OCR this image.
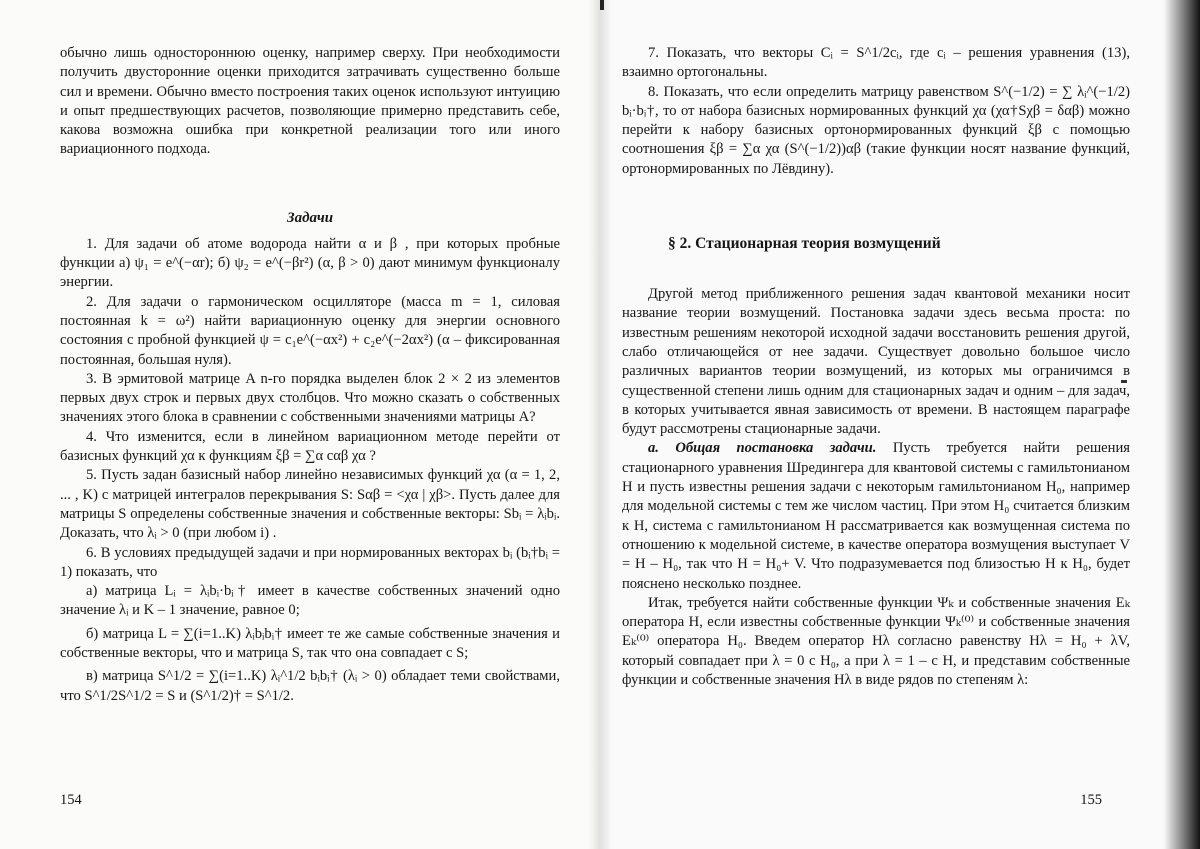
обычно лишь одностороннюю оценку, например сверху. При необходимости получить двусторонние оценки приходится затрачивать существенно больше сил и времени. Обычно вместо построения таких оценок используют интуицию и опыт предшествующих расчетов, позволяющие примерно представить себе, какова возможна ошибка при конкретной реализации того или иного вариационного подхода.

Задачи

1. Для задачи об атоме водорода найти α и β , при которых пробные функции а) ψ₁ = e^(−αr); б) ψ₂ = e^(−βr²) (α, β > 0) дают минимум функционалу энергии.

2. Для задачи о гармоническом осцилляторе (масса m = 1, силовая постоянная k = ω²) найти вариационную оценку для энергии основного состояния с пробной функцией ψ = c₁e^(−αx²) + c₂e^(−2αx²) (α – фиксированная постоянная, большая нуля).

3. В эрмитовой матрице A n-го порядка выделен блок 2 × 2 из элементов первых двух строк и первых двух столбцов. Что можно сказать о собственных значениях этого блока в сравнении с собственными значениями матрицы A?

4. Что изменится, если в линейном вариационном методе перейти от базисных функций χα к функциям ξβ = ∑α cαβ χα ?

5. Пусть задан базисный набор линейно независимых функций χα (α = 1, 2, ... , K) с матрицей интегралов перекрывания S: Sαβ = <χα | χβ>. Пусть далее для матрицы S определены собственные значения и собственные векторы: Sbᵢ = λᵢbᵢ. Доказать, что λᵢ > 0 (при любом i) .

6. В условиях предыдущей задачи и при нормированных векторах bᵢ (bᵢ†bᵢ = 1) показать, что

а) матрица Lᵢ = λᵢbᵢ·bᵢ† имеет в качестве собственных значений одно значение λᵢ и K – 1 значение, равное 0;

б) матрица L = ∑(i=1..K) λᵢbᵢbᵢ† имеет те же самые собственные значения и собственные векторы, что и матрица S, так что она совпадает с S;

в) матрица S^1/2 = ∑(i=1..K) λᵢ^1/2 bᵢbᵢ† (λᵢ > 0) обладает теми свойствами, что S^1/2S^1/2 = S и (S^1/2)† = S^1/2.

154

7. Показать, что векторы Cᵢ = S^1/2cᵢ, где cᵢ – решения уравнения (13), взаимно ортогональны.

8. Показать, что если определить матрицу равенством S^(−1/2) = ∑ λᵢ^(−1/2) bᵢ·bᵢ†, то от набора базисных нормированных функций χα (χα†Sχβ = δαβ) можно перейти к набору базисных ортонормированных функций ξβ с помощью соотношения ξβ = ∑α χα (S^(−1/2))αβ (такие функции носят название функций, ортонормированных по Лёвдину).

§ 2. Стационарная теория возмущений

Другой метод приближенного решения задач квантовой механики носит название теории возмущений. Постановка задачи здесь весьма проста: по известным решениям некоторой исходной задачи восстановить решения другой, слабо отличающейся от нее задачи. Существует довольно большое число различных вариантов теории возмущений, из которых мы ограничимся в существенной степени лишь одним для стационарных задач и одним – для задач, в которых учитывается явная зависимость от времени. В настоящем параграфе будут рассмотрены стационарные задачи.

а. Общая постановка задачи. Пусть требуется найти решения стационарного уравнения Шредингера для квантовой системы с гамильтонианом H и пусть известны решения задачи с некоторым гамильтонианом H₀, например для модельной системы с тем же числом частиц. При этом H₀ считается близким к H, система с гамильтонианом H рассматривается как возмущенная система по отношению к модельной системе, в качестве оператора возмущения выступает V = H – H₀, так что H = H₀+ V. Что подразумевается под близостью H к H₀, будет пояснено несколько позднее.

Итак, требуется найти собственные функции Ψₖ и собственные значения Eₖ оператора H, если известны собственные функции Ψₖ⁽⁰⁾ и собственные значения Eₖ⁽⁰⁾ оператора H₀. Введем оператор Hλ согласно равенству Hλ = H₀ + λV, который совпадает при λ = 0 с H₀, а при λ = 1 – с H, и представим собственные функции и собственные значения Hλ в виде рядов по степеням λ:

155
